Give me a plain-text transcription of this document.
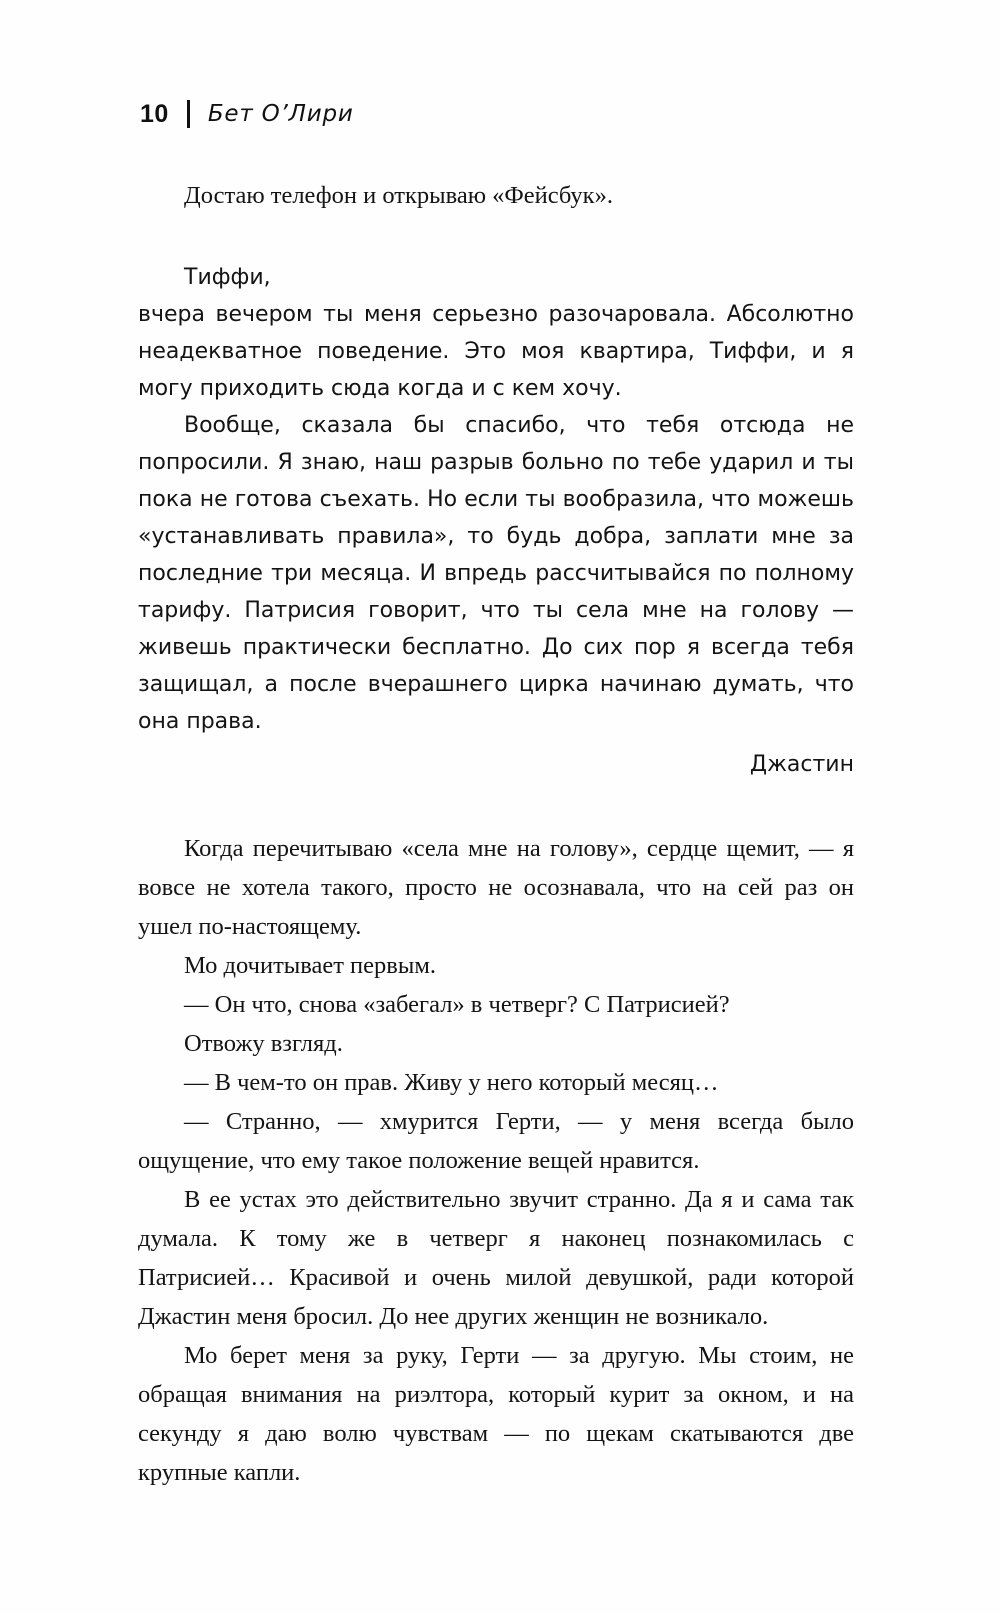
10 Бет О’Лири

Достаю телефон и открываю «Фейсбук».

Тиффи,

вчера вечером ты меня серьезно разочаровала. Абсолютно неадекватное поведение. Это моя квартира, Тиффи, и я могу приходить сюда когда и с кем хочу.

Вообще, сказала бы спасибо, что тебя отсюда не попросили. Я знаю, наш разрыв больно по тебе ударил и ты пока не готова съехать. Но если ты вообразила, что можешь «устанавливать правила», то будь добра, заплати мне за последние три месяца. И впредь рассчитывайся по полному тарифу. Патрисия говорит, что ты села мне на голову — живешь практически бесплатно. До сих пор я всегда тебя защищал, а после вчерашнего цирка начинаю думать, что она права.

Джастин

Когда перечитываю «села мне на голову», сердце щемит, — я вовсе не хотела такого, просто не осознавала, что на сей раз он ушел по-настоящему.

Мо дочитывает первым.

— Он что, снова «забегал» в четверг? С Патрисией?

Отвожу взгляд.

— В чем-то он прав. Живу у него который месяц…

— Странно, — хмурится Герти, — у меня всегда было ощущение, что ему такое положение вещей нравится.

В ее устах это действительно звучит странно. Да я и сама так думала. К тому же в четверг я наконец познакомилась с Патрисией… Красивой и очень милой девушкой, ради которой Джастин меня бросил. До нее других женщин не возникало.

Мо берет меня за руку, Герти — за другую. Мы стоим, не обращая внимания на риэлтора, который курит за окном, и на секунду я даю волю чувствам — по щекам скатываются две крупные капли.
